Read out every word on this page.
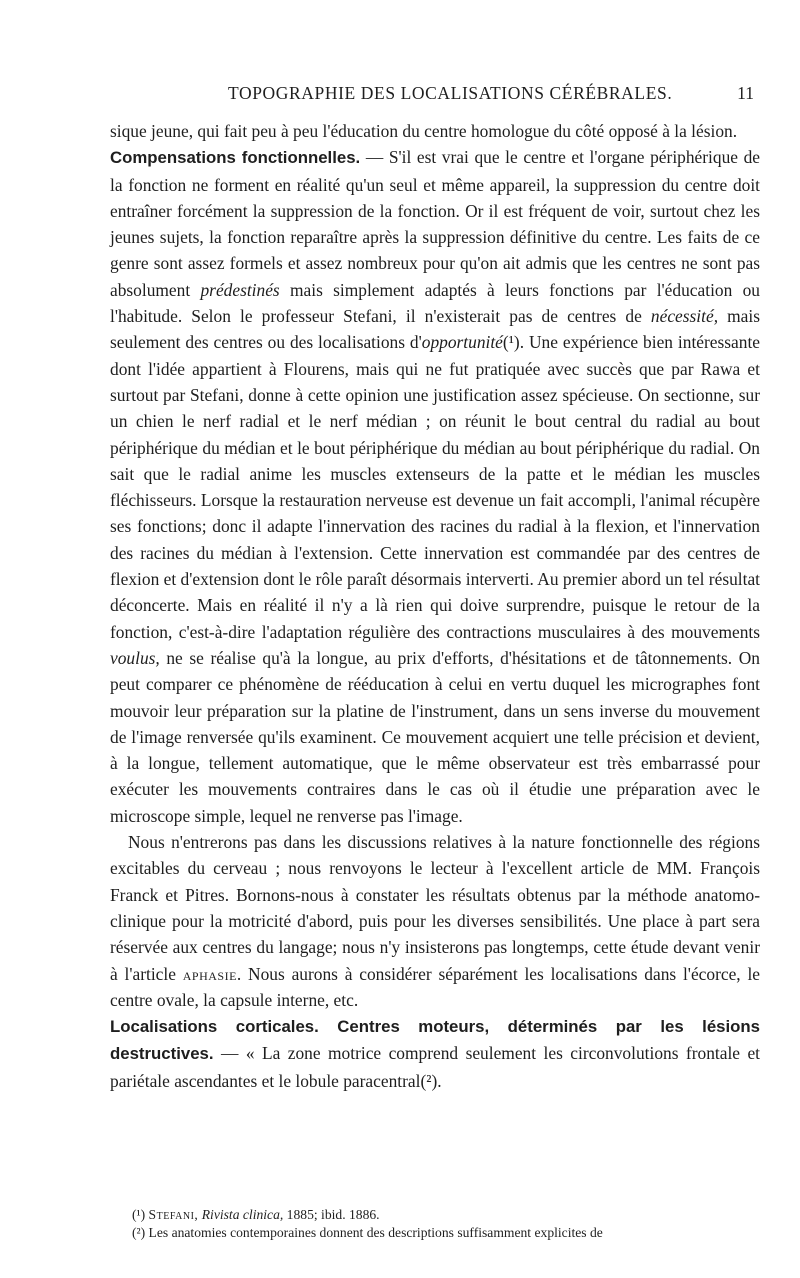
TOPOGRAPHIE DES LOCALISATIONS CÉRÉBRALES.	11

sique jeune, qui fait peu à peu l'éducation du centre homologue du côté opposé à la lésion.

Compensations fonctionnelles. — S'il est vrai que le centre et l'organe périphérique de la fonction ne forment en réalité qu'un seul et même appareil, la suppression du centre doit entraîner forcément la suppression de la fonction. Or il est fréquent de voir, surtout chez les jeunes sujets, la fonction reparaître après la suppression définitive du centre. Les faits de ce genre sont assez formels et assez nombreux pour qu'on ait admis que les centres ne sont pas absolument prédestinés mais simplement adaptés à leurs fonctions par l'éducation ou l'habitude. Selon le professeur Stefani, il n'existerait pas de centres de nécessité, mais seulement des centres ou des localisations d'opportunité(¹). Une expérience bien intéressante dont l'idée appartient à Flourens, mais qui ne fut pratiquée avec succès que par Rawa et surtout par Stefani, donne à cette opinion une justification assez spécieuse. On sectionne, sur un chien le nerf radial et le nerf médian ; on réunit le bout central du radial au bout périphérique du médian et le bout périphérique du médian au bout périphérique du radial. On sait que le radial anime les muscles extenseurs de la patte et le médian les muscles fléchisseurs. Lorsque la restauration nerveuse est devenue un fait accompli, l'animal récupère ses fonctions; donc il adapte l'innervation des racines du radial à la flexion, et l'innervation des racines du médian à l'extension. Cette innervation est commandée par des centres de flexion et d'extension dont le rôle paraît désormais interverti. Au premier abord un tel résultat déconcerte. Mais en réalité il n'y a là rien qui doive surprendre, puisque le retour de la fonction, c'est-à-dire l'adaptation régulière des contractions musculaires à des mouvements voulus, ne se réalise qu'à la longue, au prix d'efforts, d'hésitations et de tâtonnements. On peut comparer ce phénomène de rééducation à celui en vertu duquel les micrographes font mouvoir leur préparation sur la platine de l'instrument, dans un sens inverse du mouvement de l'image renversée qu'ils examinent. Ce mouvement acquiert une telle précision et devient, à la longue, tellement automatique, que le même observateur est très embarrassé pour exécuter les mouvements contraires dans le cas où il étudie une préparation avec le microscope simple, lequel ne renverse pas l'image.

Nous n'entrerons pas dans les discussions relatives à la nature fonctionnelle des régions excitables du cerveau ; nous renvoyons le lecteur à l'excellent article de MM. François Franck et Pitres. Bornons-nous à constater les résultats obtenus par la méthode anatomo-clinique pour la motricité d'abord, puis pour les diverses sensibilités. Une place à part sera réservée aux centres du langage; nous n'y insisterons pas longtemps, cette étude devant venir à l'article aphasie. Nous aurons à considérer séparément les localisations dans l'écorce, le centre ovale, la capsule interne, etc.

Localisations corticales. Centres moteurs, déterminés par les lésions destructives. — « La zone motrice comprend seulement les circonvolutions frontale et pariétale ascendantes et le lobule paracentral(²).

(¹) Stefani, Rivista clinica, 1885; ibid. 1886.

(²) Les anatomies contemporaines donnent des descriptions suffisamment explicites de
